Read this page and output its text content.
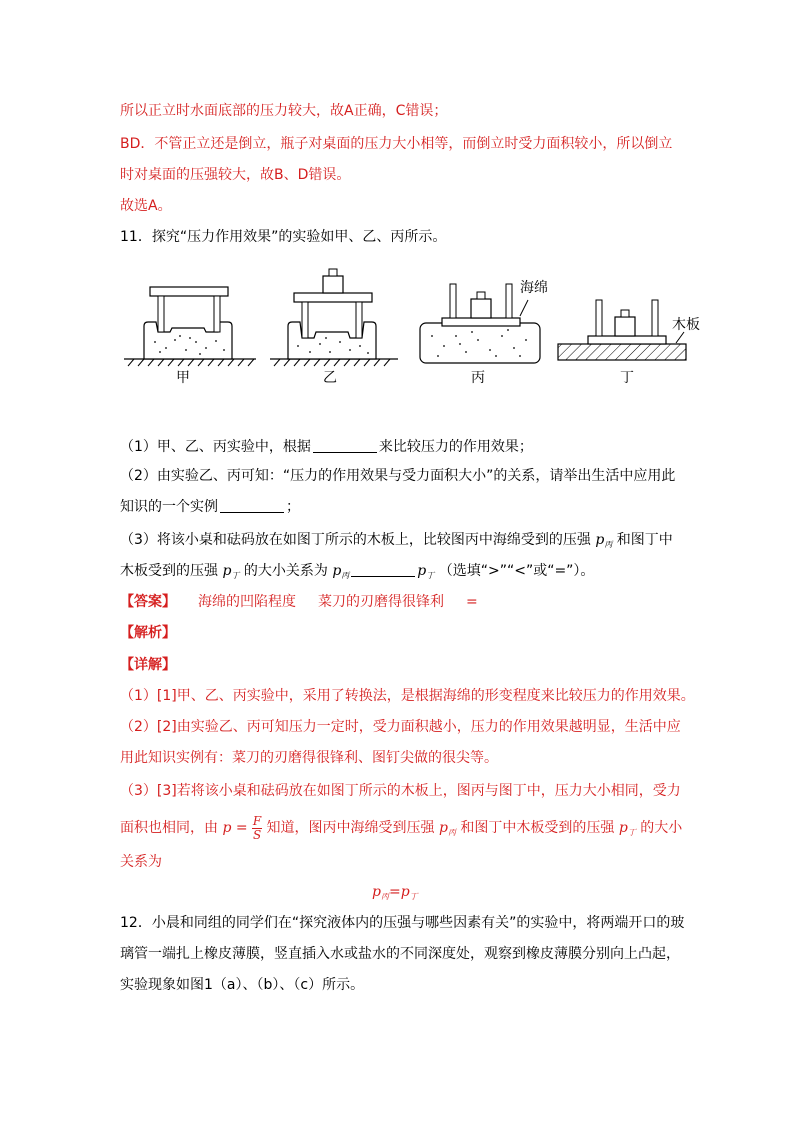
所以正立时水面底部的压力较大，故A正确，C错误；
BD．不管正立还是倒立，瓶子对桌面的压力大小相等，而倒立时受力面积较小，所以倒立
时对桌面的压强较大，故B、D错误。
故选A。
11．探究“压力作用效果”的实验如甲、乙、丙所示。
甲	乙
海绵
丙
木板
丁
（1）甲、乙、丙实验中，根据	来比较压力的作用效果；
（2）由实验乙、丙可知：“压力的作用效果与受力面积大小”的关系，请举出生活中应用此
知识的一个实例	；
（3）将该小桌和砝码放在如图丁所示的木板上，比较图丙中海绵受到的压强 $p_丙$ 和图丁中
木板受到的压强 $p_丁$ 的大小关系为 $p_丙$	$p_丁$ （选填“>”“<”或“=”）。
【答案】 海绵的凹陷程度 菜刀的刃磨得很锋利 =
【解析】
【详解】
（1）[1]甲、乙、丙实验中，采用了转换法，是根据海绵的形变程度来比较压力的作用效果。
（2）[2]由实验乙、丙可知压力一定时，受力面积越小，压力的作用效果越明显，生活中应
用此知识实例有：菜刀的刃磨得很锋利、图钉尖做的很尖等。
（3）[3]若将该小桌和砝码放在如图丁所示的木板上，图丙与图丁中，压力大小相同，受力
面积也相同，由 $p = \frac{F}{S}$ 知道，图丙中海绵受到压强 $p_丙$ 和图丁中木板受到的压强 $p_丁$ 的大小
关系为
$p_丙=p_丁$
12．小晨和同组的同学们在“探究液体内的压强与哪些因素有关”的实验中，将两端开口的玻
璃管一端扎上橡皮薄膜，竖直插入水或盐水的不同深度处，观察到橡皮薄膜分别向上凸起，
实验现象如图1（a）、（b）、（c）所示。
